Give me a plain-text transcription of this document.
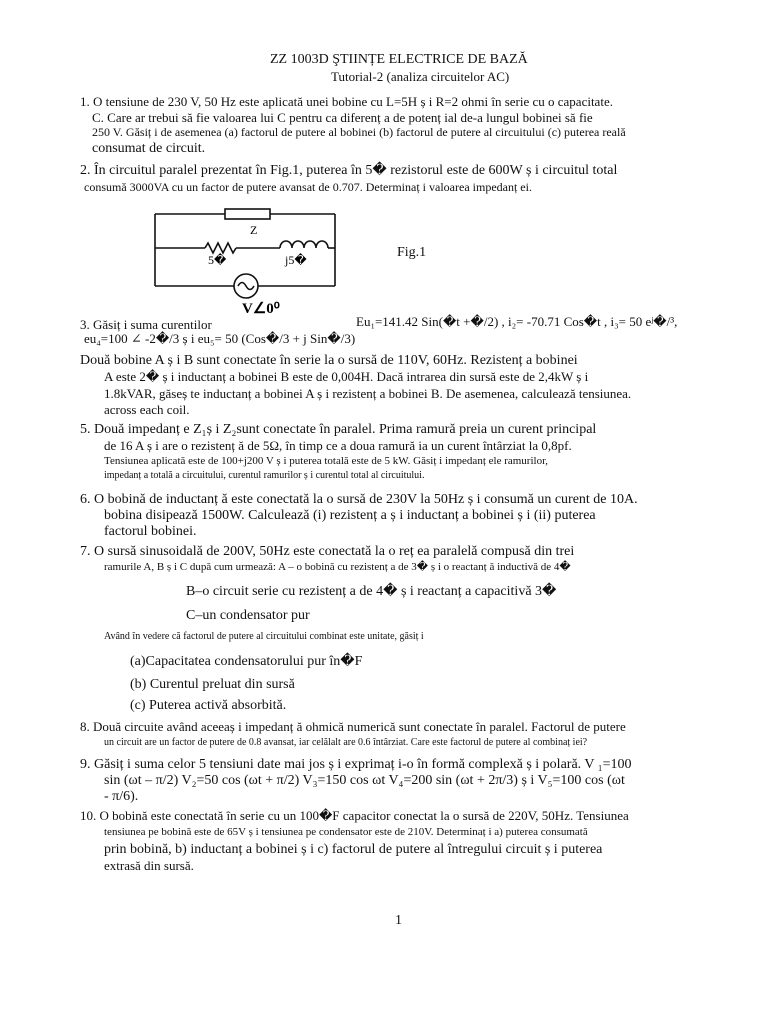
ZZ 1003D ŞTIINȚE ELECTRICE DE BAZĂ
Tutorial-2 (analiza circuitelor AC)
1. O tensiune de 230 V, 50 Hz este aplicată unei bobine cu L=5H ș i R=2 ohmi în serie cu o capacitate.
C. Care ar trebui să fie valoarea lui C pentru ca diferenț a de potenț ial de-a lungul bobinei să fie
250 V. Găsiț i de asemenea (a) factorul de putere al bobinei (b) factorul de putere al circuitului (c) puterea reală
consumat de circuit.
2. În circuitul paralel prezentat în Fig.1, puterea în 5� rezistorul este de 600W ș i circuitul total
consumă 3000VA cu un factor de putere avansat de 0.707. Determinaț i valoarea impedanț ei.
Z
5�	j5�
V∠0⁰
Fig.1
3. Găsiț i suma curentilor	Eu₁=141.42 Sin(�t +�/2) , i₂= -70.71 Cos�t , i₃= 50 eʲ�/³,
eu₄=100 ∠ -2�/3 ș i eu₅= 50 (Cos�/3 + j Sin�/3)
Două bobine A ș i B sunt conectate în serie la o sursă de 110V, 60Hz. Rezistenț a bobinei
A este 2� ș i inductanț a bobinei B este de 0,004H. Dacă intrarea din sursă este de 2,4kW ș i
1.8kVAR, găseș te inductanț a bobinei A ș i rezistenț a bobinei B. De asemenea, calculează tensiunea.
across each coil.
5. Două impedanț e Z₁ș i Z₂sunt conectate în paralel. Prima ramură preia un curent principal
de 16 A ș i are o rezistenț ă de 5Ω, în timp ce a doua ramură ia un curent întârziat la 0,8pf.
Tensiunea aplicată este de 100+j200 V ș i puterea totală este de 5 kW. Găsiț i impedanț ele ramurilor,
impedanț a totală a circuitului, curentul ramurilor ș i curentul total al circuitului.
6. O bobină de inductanț ă este conectată la o sursă de 230V la 50Hz ș i consumă un curent de 10A.
bobina disipează 1500W. Calculează (i) rezistenț a ș i inductanț a bobinei ș i (ii) puterea
factorul bobinei.
7. O sursă sinusoidală de 200V, 50Hz este conectată la o reț ea paralelă compusă din trei
ramurile A, B ș i C după cum urmează: A – o bobină cu rezistenț a de 3� ș i o reactanț ă inductivă de 4�
B–o circuit serie cu rezistenț a de 4� ș i reactanț a capacitivă 3�
C–un condensator pur
Având în vedere că factorul de putere al circuitului combinat este unitate, găsiț i
(a)Capacitatea condensatorului pur în�F
(b) Curentul preluat din sursă
(c) Puterea activă absorbită.
8. Două circuite având aceeaș i impedanț ă ohmică numerică sunt conectate în paralel. Factorul de putere
un circuit are un factor de putere de 0.8 avansat, iar celălalt are 0.6 întârziat. Care este factorul de putere al combinaț iei?
9. Găsiț i suma celor 5 tensiuni date mai jos ș i exprimaț i-o în formă complexă ș i polară. V ₁=100
sin (ωt – π/2) V₂=50 cos (ωt + π/2) V₃=150 cos ωt V₄=200 sin (ωt + 2π/3) ș i V₅=100 cos (ωt
- π/6).
10. O bobină este conectată în serie cu un 100�F capacitor conectat la o sursă de 220V, 50Hz. Tensiunea
tensiunea pe bobină este de 65V ș i tensiunea pe condensator este de 210V. Determinaț i a) puterea consumată
prin bobină, b) inductanț a bobinei ș i c) factorul de putere al întregului circuit ș i puterea
extrasă din sursă.
1
